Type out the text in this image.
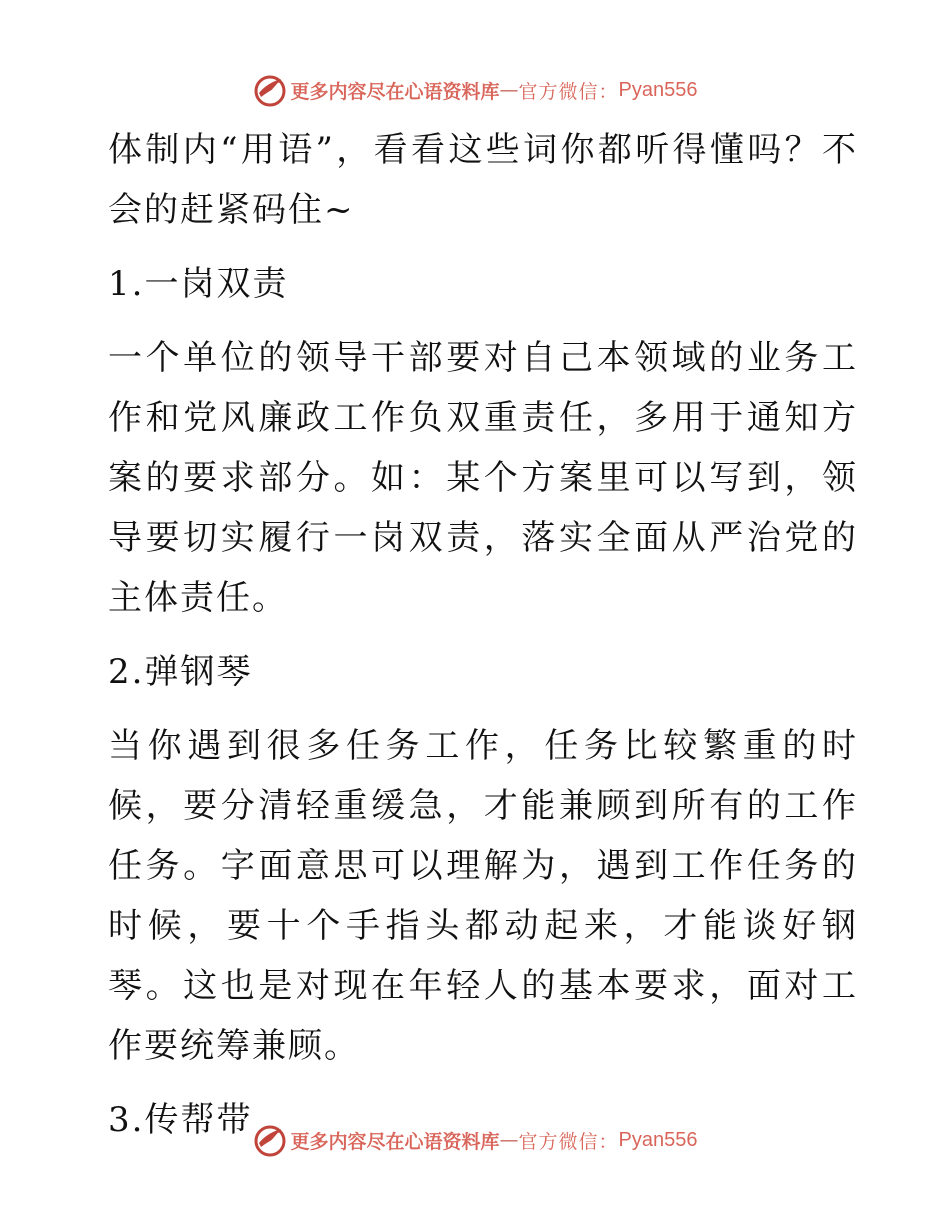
更多内容尽在心语资料库 — 官方微信： Pyan556

体制内“用语”，看看这些词你都听得懂吗？不会的赶紧码住~

1.一岗双责

一个单位的领导干部要对自己本领域的业务工作和党风廉政工作负双重责任，多用于通知方案的要求部分。如：某个方案里可以写到，领导要切实履行一岗双责，落实全面从严治党的主体责任。

2.弹钢琴

当你遇到很多任务工作，任务比较繁重的时候，要分清轻重缓急，才能兼顾到所有的工作任务。字面意思可以理解为，遇到工作任务的时候，要十个手指头都动起来，才能谈好钢琴。这也是对现在年轻人的基本要求，面对工作要统筹兼顾。

3.传帮带

更多内容尽在心语资料库 — 官方微信： Pyan556
